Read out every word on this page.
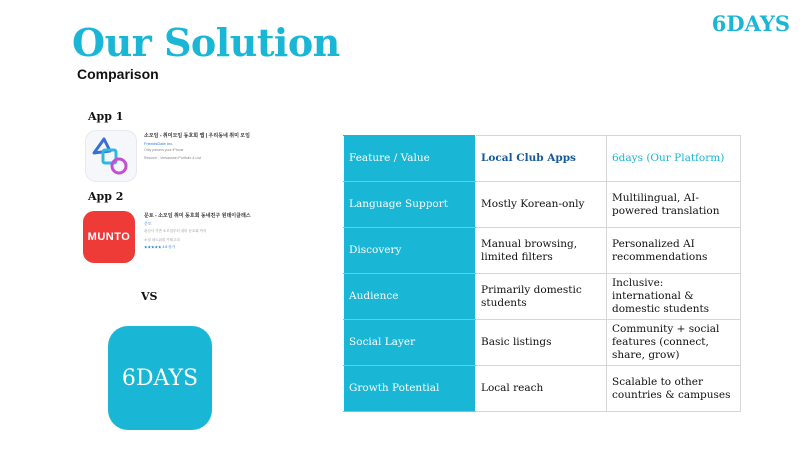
Our Solution
Comparison
6DAYS
App 1
소모임 - 취미모임 동호회 앱 | 우리동네 취미 모임
FriendsDate Inc.
Only parsers your iPhone
Resume - Versansion Portfolio & List
App 2
MUNTO
문토 - 소모임 취미 동호회 동네친구 원데이클래스
문토
관심사 기반 소모임부터 취미 동호회 까지
소셜 네트워킹 카테고리
★★★★★ 4.8 평가
VS
6DAYS
Feature / Value	Local Club Apps	6days (Our Platform)
Language Support	Mostly Korean-only	Multilingual, AI-powered translation
Discovery	Manual browsing, limited filters	Personalized AI recommendations
Audience	Primarily domestic students	Inclusive: international & domestic students
Social Layer	Basic listings	Community + social features (connect, share, grow)
Growth Potential	Local reach	Scalable to other countries & campuses
